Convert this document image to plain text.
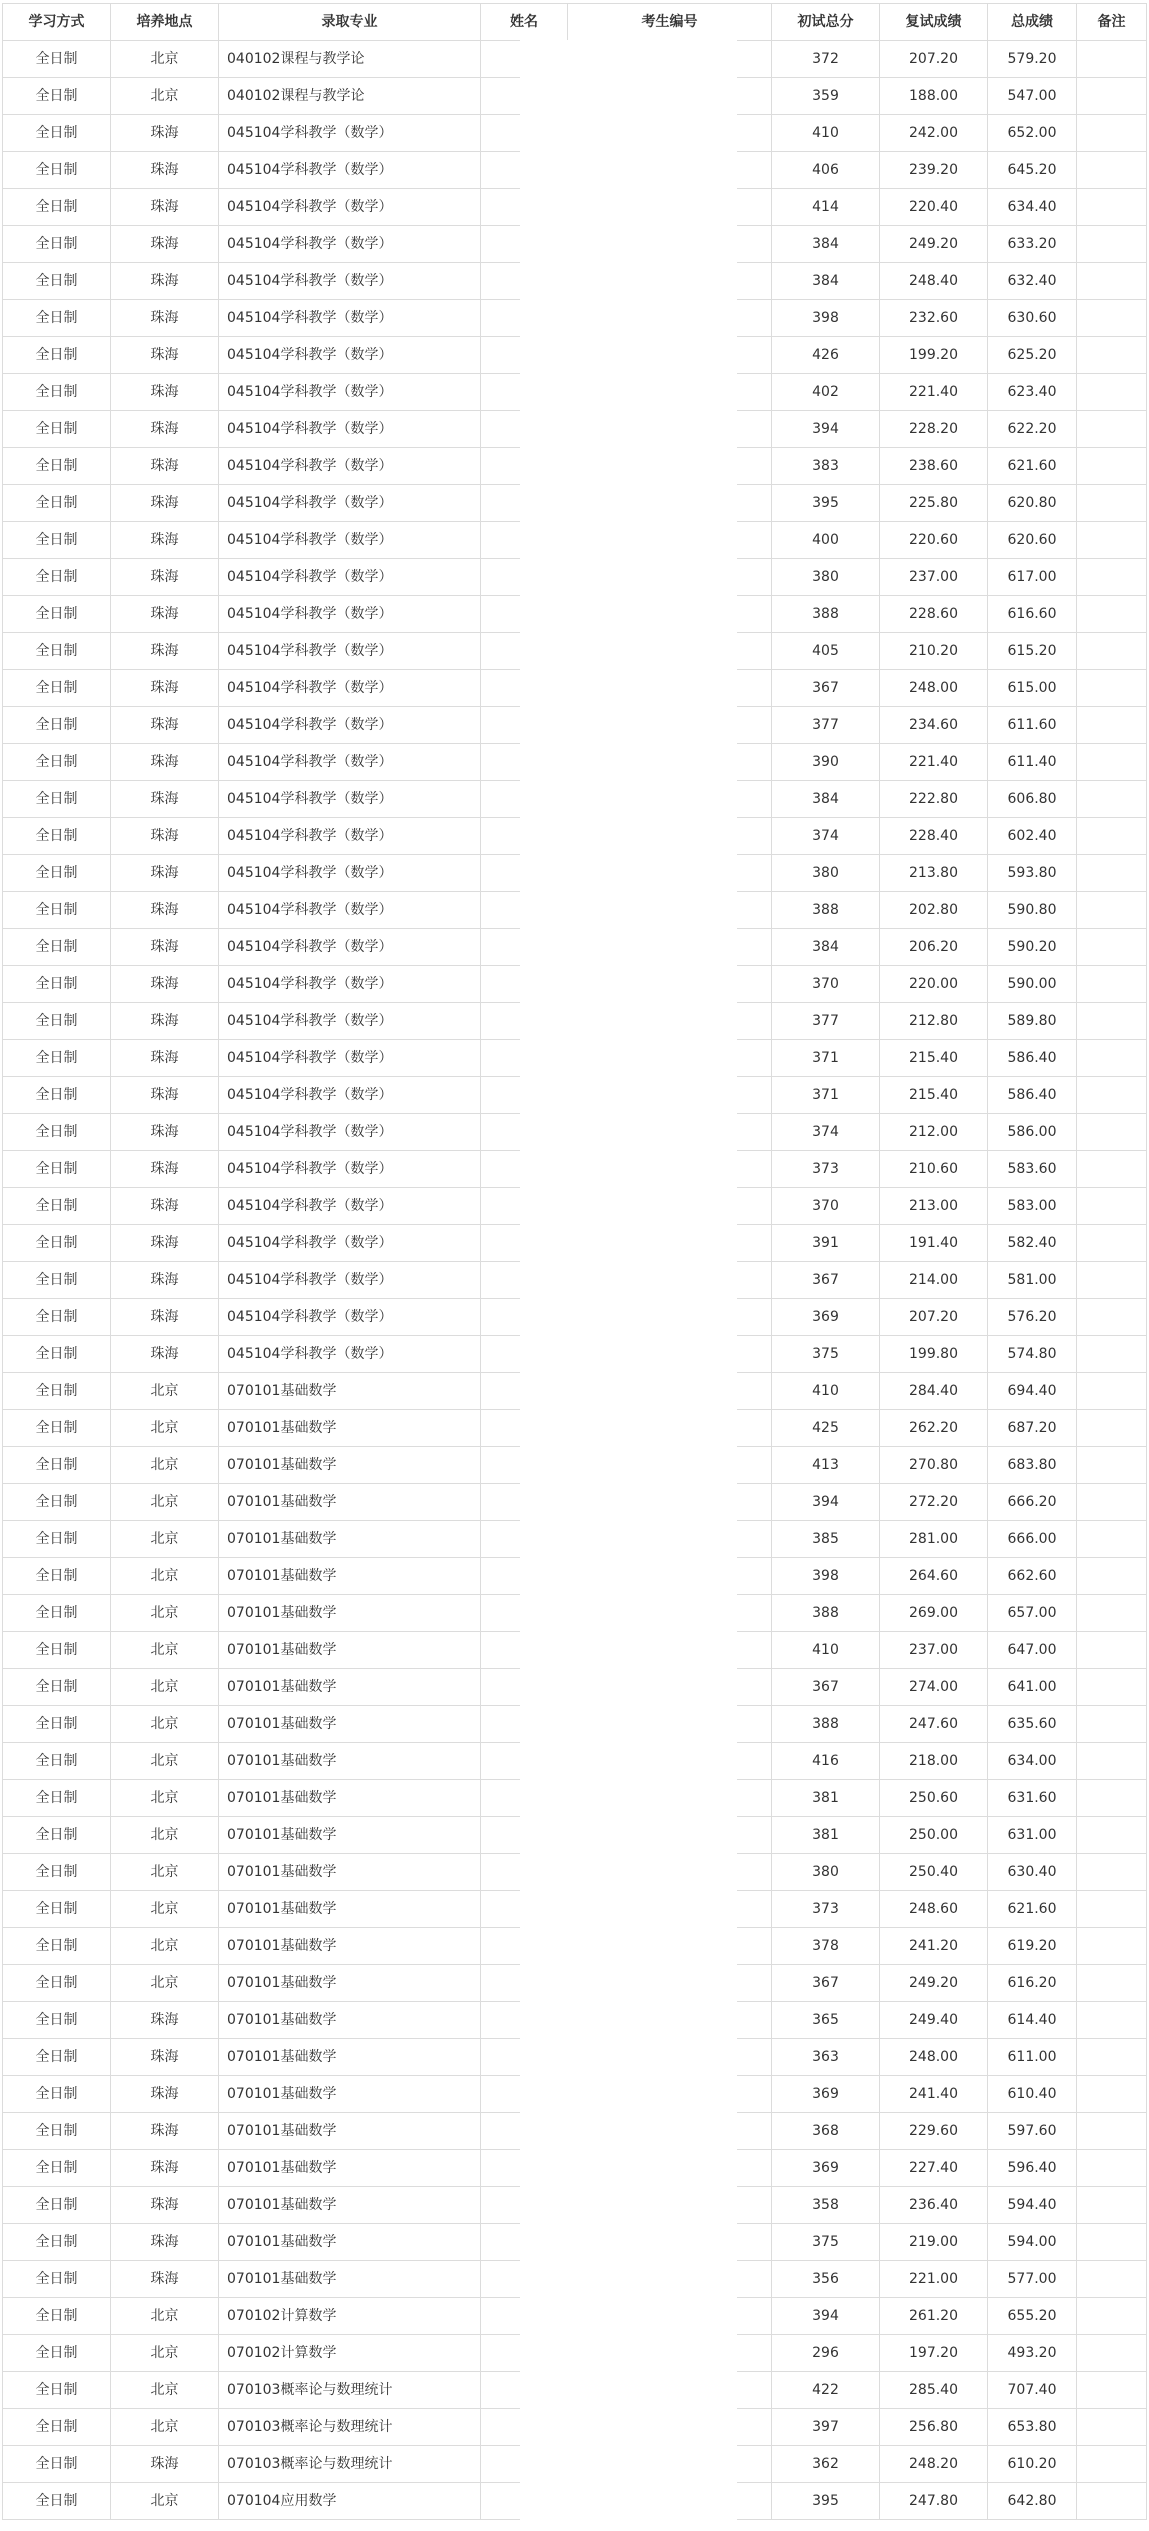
学习方式	培养地点	录取专业	姓名	考生编号	初试总分	复试成绩	总成绩	备注
全日制	北京	040102课程与教学论			372	207.20	579.20	
全日制	北京	040102课程与教学论			359	188.00	547.00	
全日制	珠海	045104学科教学（数学）			410	242.00	652.00	
全日制	珠海	045104学科教学（数学）			406	239.20	645.20	
全日制	珠海	045104学科教学（数学）			414	220.40	634.40	
全日制	珠海	045104学科教学（数学）			384	249.20	633.20	
全日制	珠海	045104学科教学（数学）			384	248.40	632.40	
全日制	珠海	045104学科教学（数学）			398	232.60	630.60	
全日制	珠海	045104学科教学（数学）			426	199.20	625.20	
全日制	珠海	045104学科教学（数学）			402	221.40	623.40	
全日制	珠海	045104学科教学（数学）			394	228.20	622.20	
全日制	珠海	045104学科教学（数学）			383	238.60	621.60	
全日制	珠海	045104学科教学（数学）			395	225.80	620.80	
全日制	珠海	045104学科教学（数学）			400	220.60	620.60	
全日制	珠海	045104学科教学（数学）			380	237.00	617.00	
全日制	珠海	045104学科教学（数学）			388	228.60	616.60	
全日制	珠海	045104学科教学（数学）			405	210.20	615.20	
全日制	珠海	045104学科教学（数学）			367	248.00	615.00	
全日制	珠海	045104学科教学（数学）			377	234.60	611.60	
全日制	珠海	045104学科教学（数学）			390	221.40	611.40	
全日制	珠海	045104学科教学（数学）			384	222.80	606.80	
全日制	珠海	045104学科教学（数学）			374	228.40	602.40	
全日制	珠海	045104学科教学（数学）			380	213.80	593.80	
全日制	珠海	045104学科教学（数学）			388	202.80	590.80	
全日制	珠海	045104学科教学（数学）			384	206.20	590.20	
全日制	珠海	045104学科教学（数学）			370	220.00	590.00	
全日制	珠海	045104学科教学（数学）			377	212.80	589.80	
全日制	珠海	045104学科教学（数学）			371	215.40	586.40	
全日制	珠海	045104学科教学（数学）			371	215.40	586.40	
全日制	珠海	045104学科教学（数学）			374	212.00	586.00	
全日制	珠海	045104学科教学（数学）			373	210.60	583.60	
全日制	珠海	045104学科教学（数学）			370	213.00	583.00	
全日制	珠海	045104学科教学（数学）			391	191.40	582.40	
全日制	珠海	045104学科教学（数学）			367	214.00	581.00	
全日制	珠海	045104学科教学（数学）			369	207.20	576.20	
全日制	珠海	045104学科教学（数学）			375	199.80	574.80	
全日制	北京	070101基础数学			410	284.40	694.40	
全日制	北京	070101基础数学			425	262.20	687.20	
全日制	北京	070101基础数学			413	270.80	683.80	
全日制	北京	070101基础数学			394	272.20	666.20	
全日制	北京	070101基础数学			385	281.00	666.00	
全日制	北京	070101基础数学			398	264.60	662.60	
全日制	北京	070101基础数学			388	269.00	657.00	
全日制	北京	070101基础数学			410	237.00	647.00	
全日制	北京	070101基础数学			367	274.00	641.00	
全日制	北京	070101基础数学			388	247.60	635.60	
全日制	北京	070101基础数学			416	218.00	634.00	
全日制	北京	070101基础数学			381	250.60	631.60	
全日制	北京	070101基础数学			381	250.00	631.00	
全日制	北京	070101基础数学			380	250.40	630.40	
全日制	北京	070101基础数学			373	248.60	621.60	
全日制	北京	070101基础数学			378	241.20	619.20	
全日制	北京	070101基础数学			367	249.20	616.20	
全日制	珠海	070101基础数学			365	249.40	614.40	
全日制	珠海	070101基础数学			363	248.00	611.00	
全日制	珠海	070101基础数学			369	241.40	610.40	
全日制	珠海	070101基础数学			368	229.60	597.60	
全日制	珠海	070101基础数学			369	227.40	596.40	
全日制	珠海	070101基础数学			358	236.40	594.40	
全日制	珠海	070101基础数学			375	219.00	594.00	
全日制	珠海	070101基础数学			356	221.00	577.00	
全日制	北京	070102计算数学			394	261.20	655.20	
全日制	北京	070102计算数学			296	197.20	493.20	
全日制	北京	070103概率论与数理统计			422	285.40	707.40	
全日制	北京	070103概率论与数理统计			397	256.80	653.80	
全日制	珠海	070103概率论与数理统计			362	248.20	610.20	
全日制	北京	070104应用数学			395	247.80	642.80	
